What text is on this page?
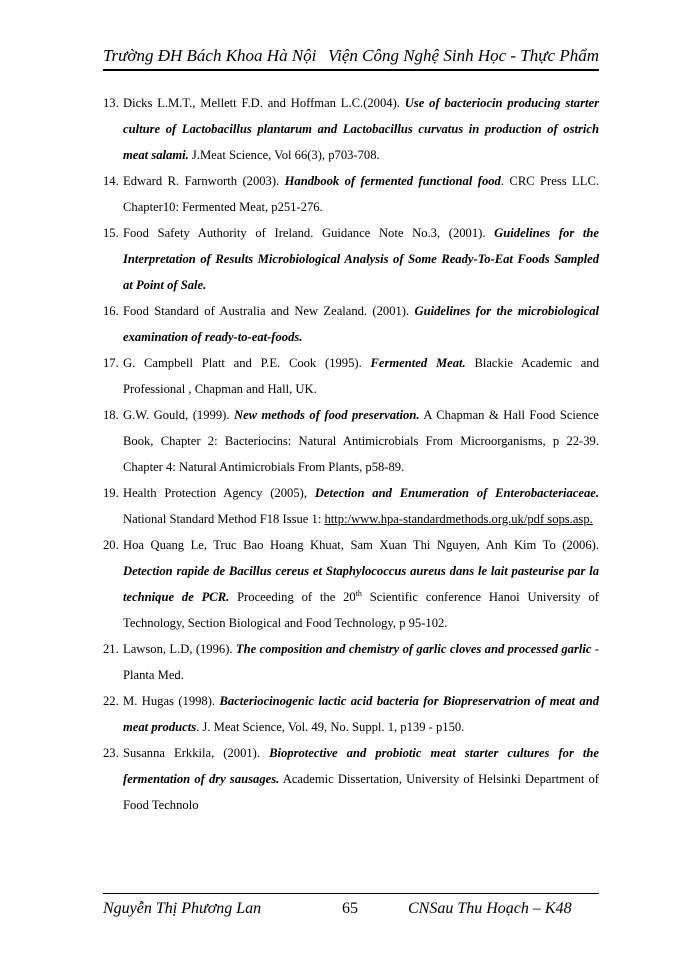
Trường ĐH Bách Khoa Hà Nội Viện Công Nghệ Sinh Học - Thực Phẩm
13. Dicks L.M.T., Mellett F.D. and Hoffman L.C.(2004). Use of bacteriocin producing starter culture of Lactobacillus plantarum and Lactobacillus curvatus in production of ostrich meat salami. J.Meat Science, Vol 66(3), p703-708.
14. Edward R. Farnworth (2003). Handbook of fermented functional food. CRC Press LLC. Chapter10: Fermented Meat, p251-276.
15. Food Safety Authority of Ireland. Guidance Note No.3, (2001). Guidelines for the Interpretation of Results Microbiological Analysis of Some Ready-To-Eat Foods Sampled at Point of Sale.
16. Food Standard of Australia and New Zealand. (2001). Guidelines for the microbiological examination of ready-to-eat-foods.
17. G. Campbell Platt and P.E. Cook (1995). Fermented Meat. Blackie Academic and Professional , Chapman and Hall, UK.
18. G.W. Gould, (1999). New methods of food preservation. A Chapman & Hall Food Science Book, Chapter 2: Bacteriocins: Natural Antimicrobials From Microorganisms, p 22-39. Chapter 4: Natural Antimicrobials From Plants, p58-89.
19. Health Protection Agency (2005), Detection and Enumeration of Enterobacteriaceae. National Standard Method F18 Issue 1: http:/www.hpa-standardmethods.org.uk/pdf sops.asp.
20. Hoa Quang Le, Truc Bao Hoang Khuat, Sam Xuan Thi Nguyen, Anh Kim To (2006). Detection rapide de Bacillus cereus et Staphylococcus aureus dans le lait pasteurise par la technique de PCR. Proceeding of the 20th Scientific conference Hanoi University of Technology, Section Biological and Food Technology, p 95-102.
21. Lawson, L.D, (1996). The composition and chemistry of garlic cloves and processed garlic - Planta Med.
22. M. Hugas (1998). Bacteriocinogenic lactic acid bacteria for Biopreservatrion of meat and meat products. J. Meat Science, Vol. 49, No. Suppl. 1, p139 - p150.
23. Susanna Erkkila, (2001). Bioprotective and probiotic meat starter cultures for the fermentation of dry sausages. Academic Dissertation, University of Helsinki Department of Food Technolo
Nguyễn Thị Phương Lan	65	CNSau Thu Hoạch – K48
